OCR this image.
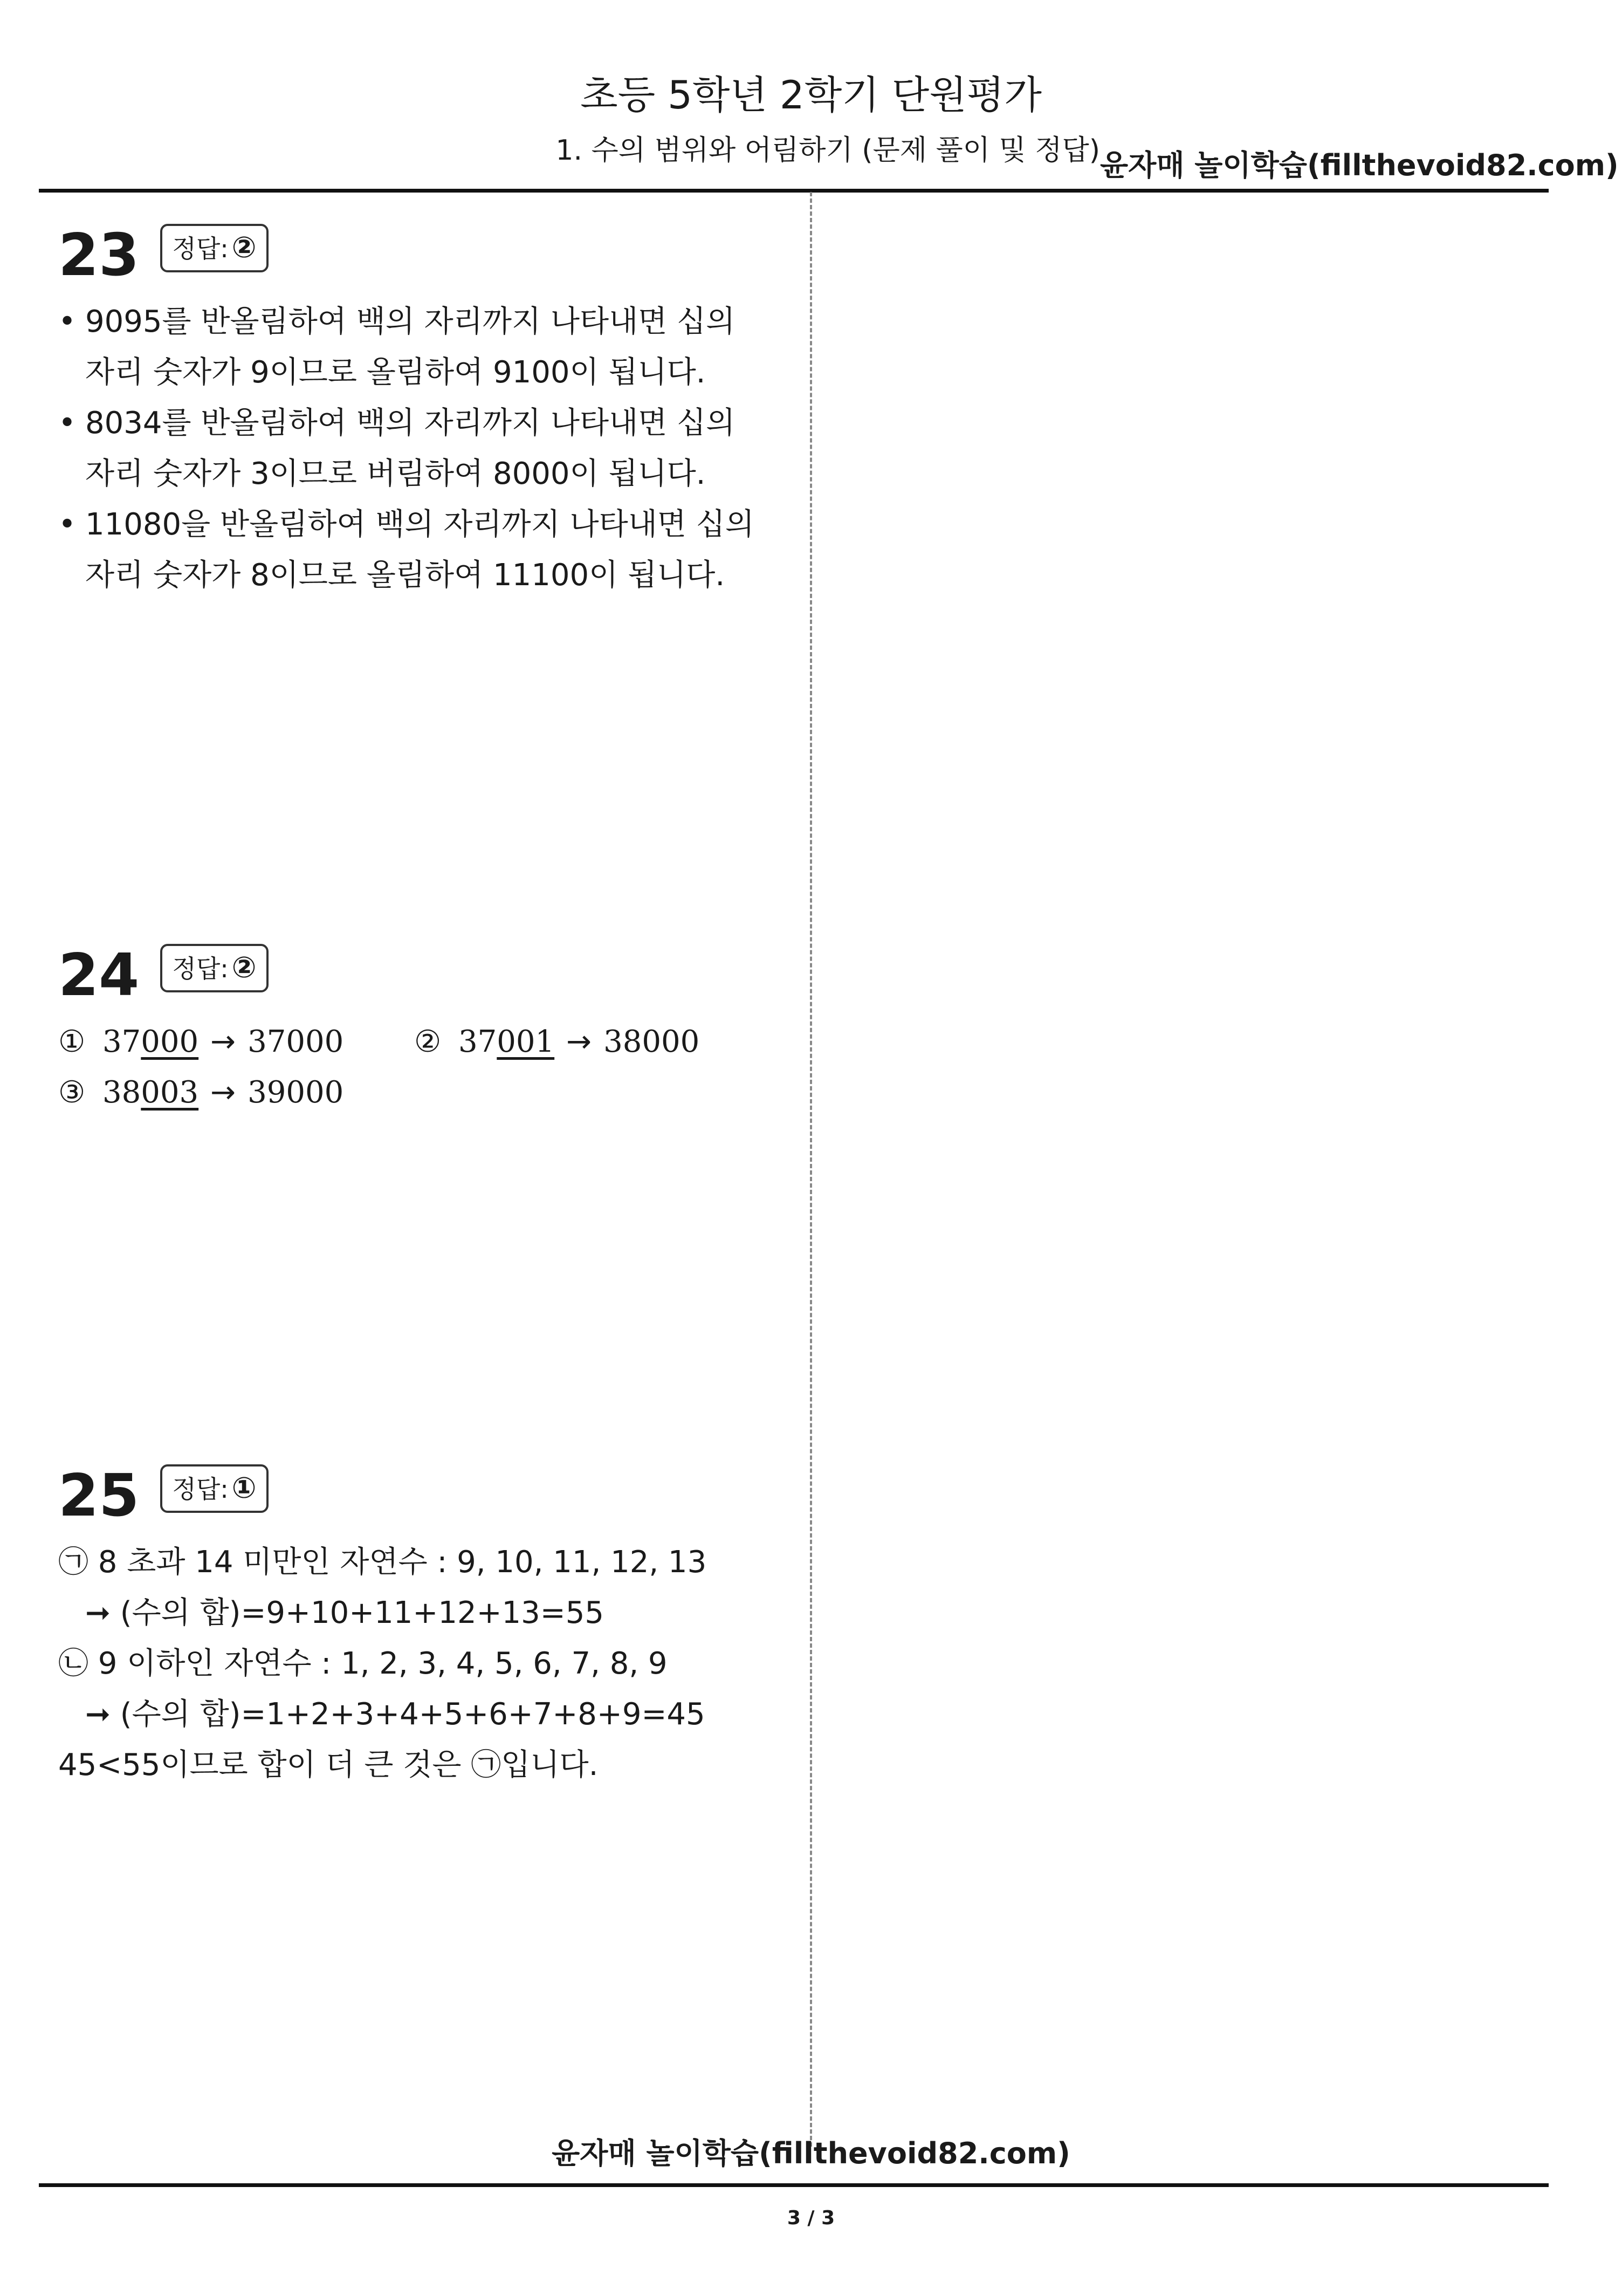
초등 5학년 2학기 단원평가
1. 수의 범위와 어림하기 (문제 풀이 및 정답) 윤자매 놀이학습(fillthevoid82.com)
23 정답: ②
• 9095를 반올림하여 백의 자리까지 나타내면 십의
자리 숫자가 9이므로 올림하여 9100이 됩니다.
• 8034를 반올림하여 백의 자리까지 나타내면 십의
자리 숫자가 3이므로 버림하여 8000이 됩니다.
• 11080을 반올림하여 백의 자리까지 나타내면 십의
자리 숫자가 8이므로 올림하여 11100이 됩니다.
24 정답: ②
① 37000 → 37000 ② 37001 → 38000
③ 38003 → 39000
25 정답: ①
㉠ 8 초과 14 미만인 자연수 : 9, 10, 11, 12, 13
➞ (수의 합)=9+10+11+12+13=55
㉡ 9 이하인 자연수 : 1, 2, 3, 4, 5, 6, 7, 8, 9
➞ (수의 합)=1+2+3+4+5+6+7+8+9=45
45<55이므로 합이 더 큰 것은 ㉠입니다.
윤자매 놀이학습(fillthevoid82.com)
3 / 3
